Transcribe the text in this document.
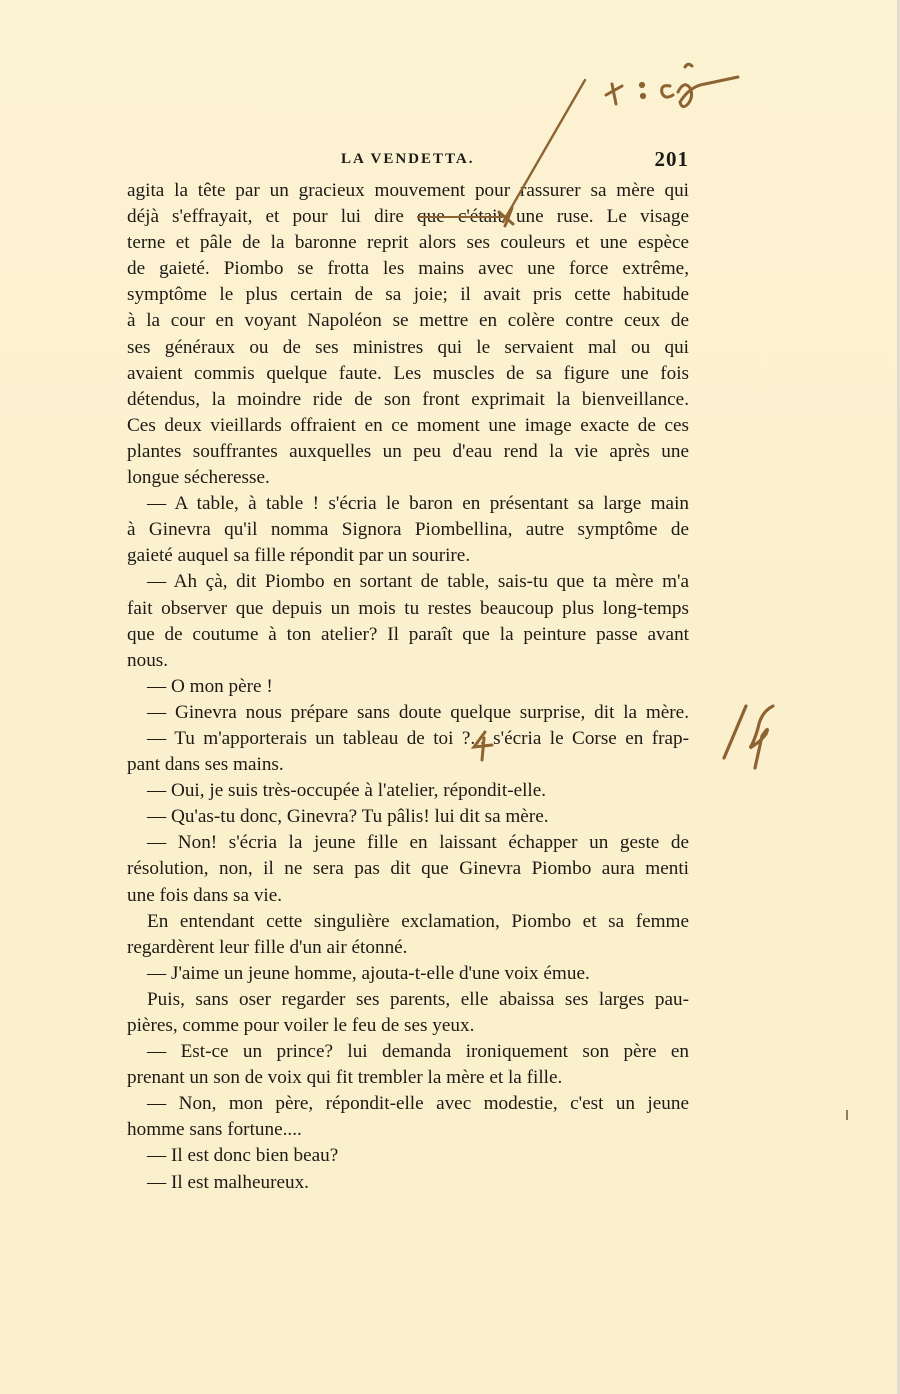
LA VENDETTA.	201
agita la tête par un gracieux mouvement pour rassurer sa mère qui
déjà s'effrayait, et pour lui dire que c'était une ruse. Le visage
terne et pâle de la baronne reprit alors ses couleurs et une espèce
de gaieté. Piombo se frotta les mains avec une force extrême,
symptôme le plus certain de sa joie; il avait pris cette habitude
à la cour en voyant Napoléon se mettre en colère contre ceux de
ses généraux ou de ses ministres qui le servaient mal ou qui
avaient commis quelque faute. Les muscles de sa figure une fois
détendus, la moindre ride de son front exprimait la bienveillance.
Ces deux vieillards offraient en ce moment une image exacte de ces
plantes souffrantes auxquelles un peu d'eau rend la vie après une
longue sécheresse.
— A table, à table ! s'écria le baron en présentant sa large main
à Ginevra qu'il nomma Signora Piombellina, autre symptôme de
gaieté auquel sa fille répondit par un sourire.
— Ah çà, dit Piombo en sortant de table, sais-tu que ta mère m'a
fait observer que depuis un mois tu restes beaucoup plus long-temps
que de coutume à ton atelier? Il paraît que la peinture passe avant
nous.
— O mon père !
— Ginevra nous prépare sans doute quelque surprise, dit la mère.
— Tu m'apporterais un tableau de toi ?... s'écria le Corse en frap-
pant dans ses mains.
— Oui, je suis très-occupée à l'atelier, répondit-elle.
— Qu'as-tu donc, Ginevra? Tu pâlis! lui dit sa mère.
— Non! s'écria la jeune fille en laissant échapper un geste de
résolution, non, il ne sera pas dit que Ginevra Piombo aura menti
une fois dans sa vie.
En entendant cette singulière exclamation, Piombo et sa femme
regardèrent leur fille d'un air étonné.
— J'aime un jeune homme, ajouta-t-elle d'une voix émue.
Puis, sans oser regarder ses parents, elle abaissa ses larges pau-
pières, comme pour voiler le feu de ses yeux.
— Est-ce un prince? lui demanda ironiquement son père en
prenant un son de voix qui fit trembler la mère et la fille.
— Non, mon père, répondit-elle avec modestie, c'est un jeune
homme sans fortune....
— Il est donc bien beau?
— Il est malheureux.
